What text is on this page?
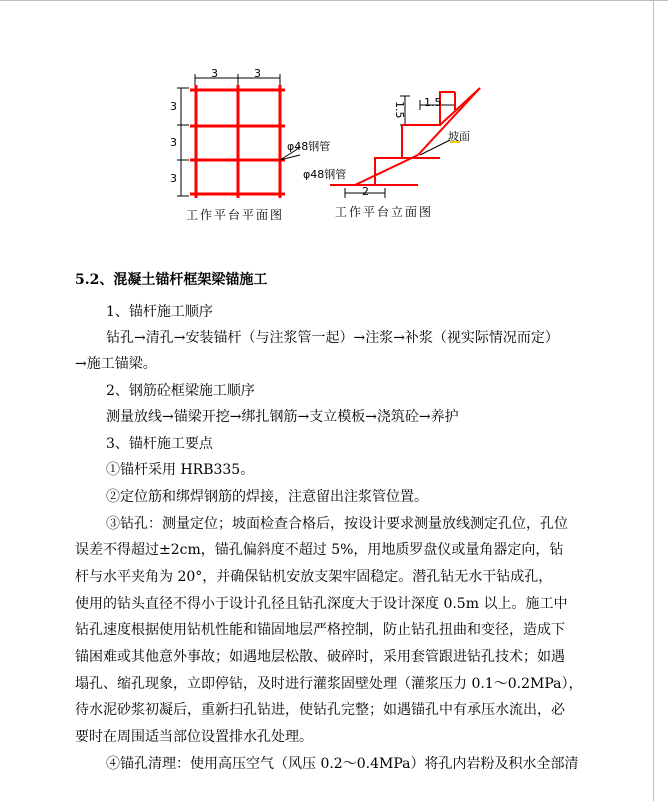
3	3
3
3
3
φ48钢管
φ48钢管
1.5 1.5
坡面
2
工作平台平面图	工作平台立面图
5.2、混凝土锚杆框架梁锚施工
1、锚杆施工顺序
钻孔→清孔→安装锚杆（与注浆管一起）→注浆→补浆（视实际情况而定）
→施工锚梁。
2、钢筋砼框梁施工顺序
测量放线→锚梁开挖→绑扎钢筋→支立模板→浇筑砼→养护
3、锚杆施工要点
①锚杆采用 HRB335。
②定位筋和绑焊钢筋的焊接，注意留出注浆管位置。
③钻孔：测量定位；坡面检查合格后，按设计要求测量放线测定孔位，孔位
误差不得超过±2cm，锚孔偏斜度不超过 5%，用地质罗盘仪或量角器定向，钻
杆与水平夹角为 20°，并确保钻机安放支架牢固稳定。潜孔钻无水干钻成孔，
使用的钻头直径不得小于设计孔径且钻孔深度大于设计深度 0.5m 以上。施工中
钻孔速度根据使用钻机性能和锚固地层严格控制，防止钻孔扭曲和变径，造成下
锚困难或其他意外事故；如遇地层松散、破碎时，采用套管跟进钻孔技术；如遇
塌孔、缩孔现象，立即停钻，及时进行灌浆固壁处理（灌浆压力 0.1～0.2MPa），
待水泥砂浆初凝后，重新扫孔钻进，使钻孔完整；如遇锚孔中有承压水流出，必
要时在周围适当部位设置排水孔处理。
④锚孔清理：使用高压空气（风压 0.2～0.4MPa）将孔内岩粉及积水全部清
